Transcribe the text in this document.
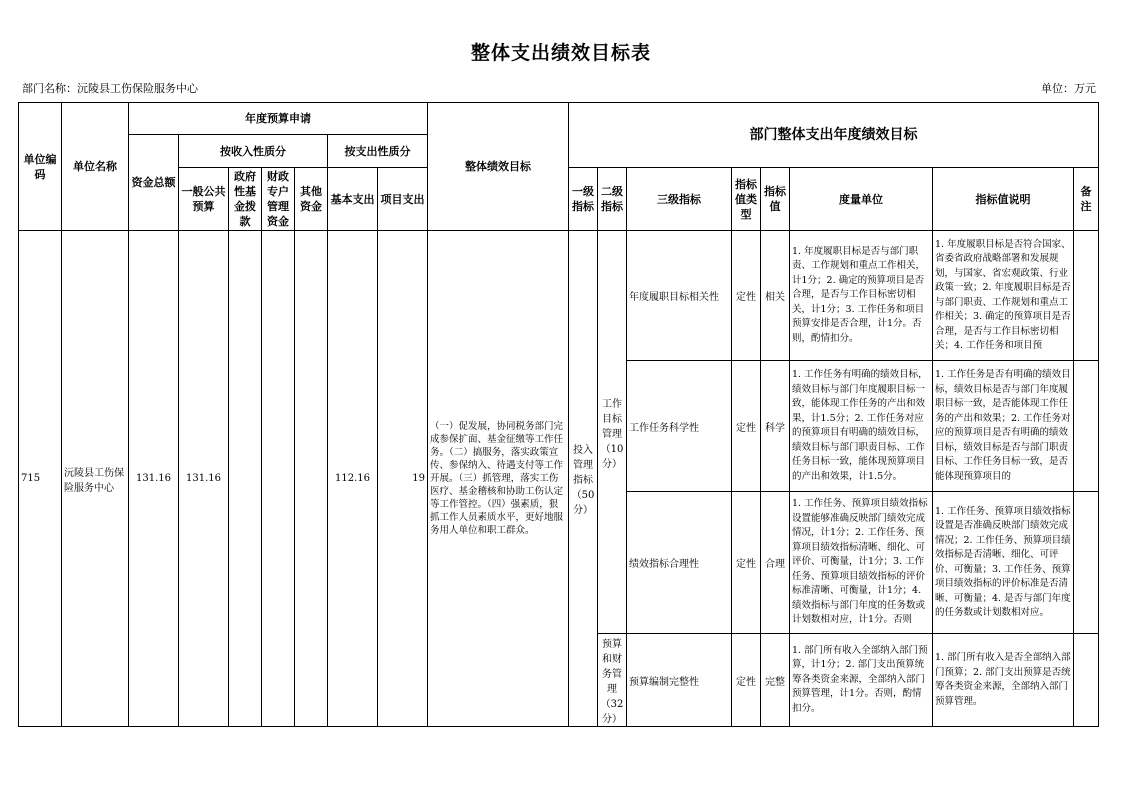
整体支出绩效目标表
部门名称：沅陵县工伤保险服务中心	单位：万元
单位编码	单位名称	年度预算申请							整体绩效目标	部门整体支出年度绩效目标							
		资金总额	按收入性质分				按支出性质分										
			一般公共预算	政府性基金拨款	财政专户管理资金	其他资金	基本支出	项目支出		一级指标	二级指标	三级指标	指标值类型	指标值	度量单位	指标值说明	备注
715	沅陵县工伤保险服务中心	131.16	131.16				112.16	19	（一）促发展，协同税务部门完成参保扩面、基金征缴等工作任务。（二）搞服务，落实政策宣传、参保纳入、待遇支付等工作开展。（三）抓管理，落实工伤医疗、基金稽核和协助工伤认定等工作管控。（四）强素质，狠抓工作人员素质水平，更好地服务用人单位和职工群众。	投入管理指标（50分）	工作目标管理（10分）	年度履职目标相关性	定性	相关	1. 年度履职目标是否与部门职责、工作规划和重点工作相关，计1分；2. 确定的预算项目是否合理，是否与工作目标密切相关，计1分；3. 工作任务和项目预算安排是否合理，计1分。否则，酌情扣分。	1. 年度履职目标是否符合国家、省委省政府战略部署和发展规划，与国家、省宏观政策、行业政策一致；2. 年度履职目标是否与部门职责、工作规划和重点工作相关；3. 确定的预算项目是否合理，是否与工作目标密切相关；4. 工作任务和项目预	
												工作任务科学性	定性	科学	1. 工作任务有明确的绩效目标，绩效目标与部门年度履职目标一致，能体现工作任务的产出和效果，计1.5分；2. 工作任务对应的预算项目有明确的绩效目标，绩效目标与部门职责目标、工作任务目标一致，能体现预算项目的产出和效果，计1.5分。	1. 工作任务是否有明确的绩效目标，绩效目标是否与部门年度履职目标一致，是否能体现工作任务的产出和效果；2. 工作任务对应的预算项目是否有明确的绩效目标，绩效目标是否与部门职责目标、工作任务目标一致，是否能体现预算项目的	
												绩效指标合理性	定性	合理	1. 工作任务、预算项目绩效指标设置能够准确反映部门绩效完成情况，计1分；2. 工作任务、预算项目绩效指标清晰、细化、可评价、可衡量，计1分；3. 工作任务、预算项目绩效指标的评价标准清晰、可衡量，计1分；4. 绩效指标与部门年度的任务数或计划数相对应，计1分。否则	1. 工作任务、预算项目绩效指标设置是否准确反映部门绩效完成情况；2. 工作任务、预算项目绩效指标是否清晰、细化、可评 价、可衡量；3. 工作任务、预算项目绩效指标的评价标准是否清晰、可衡量；4. 是否与部门年度的任务数或计划数相对应。	
											预算和财务管理（32分）	预算编制完整性	定性	完整	1. 部门所有收入全部纳入部门预算，计1分；2. 部门支出预算统筹各类资金来源，全部纳入部门预算管理，计1分。否则，酌情扣分。	1. 部门所有收入是否全部纳入部门预算；2. 部门支出预算是否统筹各类资金来源，全部纳入部门预算管理。	
